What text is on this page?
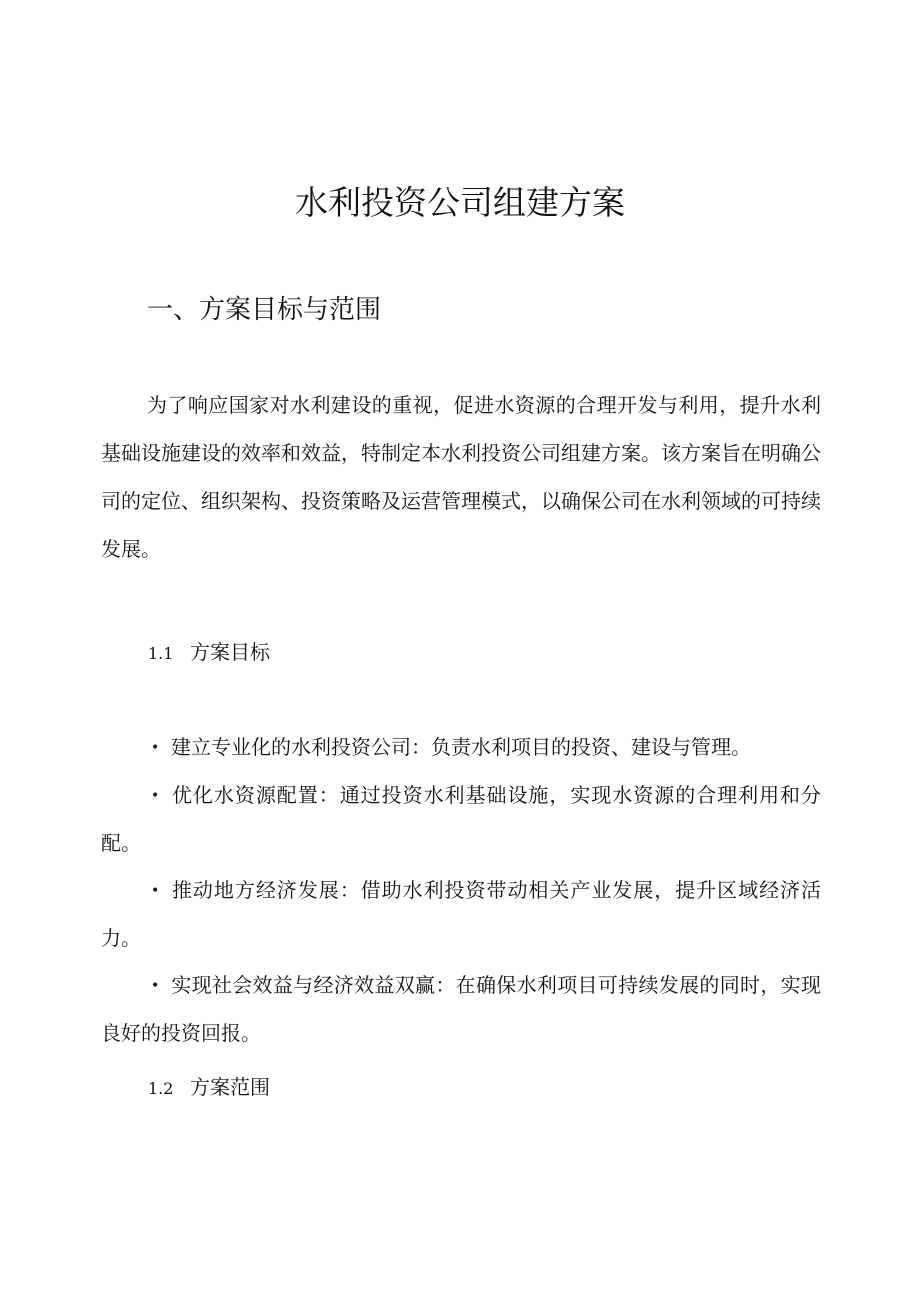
水利投资公司组建方案
一、方案目标与范围

为了响应国家对水利建设的重视，促进水资源的合理开发与利用，提升水利基础设施建设的效率和效益，特制定本水利投资公司组建方案。该方案旨在明确公司的定位、组织架构、投资策略及运营管理模式，以确保公司在水利领域的可持续发展。

1.1 方案目标
• 建立专业化的水利投资公司：负责水利项目的投资、建设与管理。
• 优化水资源配置：通过投资水利基础设施，实现水资源的合理利用和分配。
• 推动地方经济发展：借助水利投资带动相关产业发展，提升区域经济活力。
• 实现社会效益与经济效益双赢：在确保水利项目可持续发展的同时，实现良好的投资回报。
1.2 方案范围
